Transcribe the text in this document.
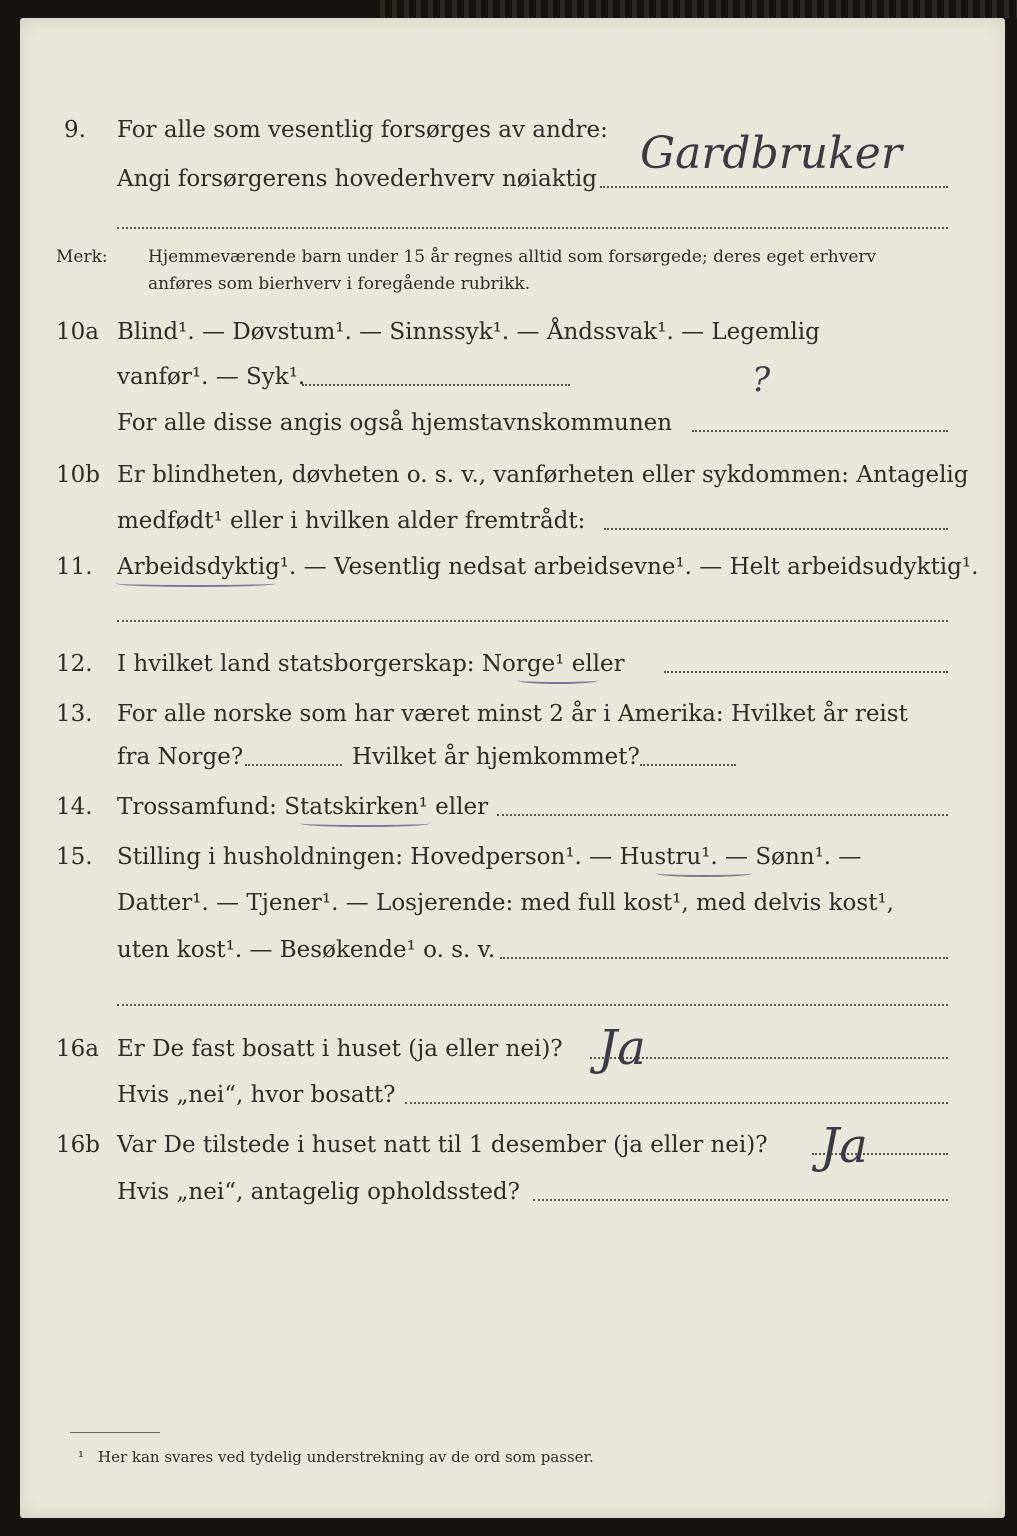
9. For alle som vesentlig forsørges av andre:
Angi forsørgerens hovederhverv nøiaktig Gardbruker
Merk: Hjemmeværende barn under 15 år regnes alltid som forsørgede; deres eget erhverv
anføres som bierhverv i foregående rubrikk.
10a Blind¹. — Døvstum¹. — Sinnssyk¹. — Åndssvak¹. — Legemlig
vanfør¹. — Syk¹.	?
For alle disse angis også hjemstavnskommunen
10b Er blindheten, døvheten o. s. v., vanførheten eller sykdommen: Antagelig
medfødt¹ eller i hvilken alder fremtrådt:
11. Arbeidsdyktig¹. — Vesentlig nedsat arbeidsevne¹. — Helt arbeidsudyktig¹.
12. I hvilket land statsborgerskap: Norge¹ eller
13. For alle norske som har været minst 2 år i Amerika: Hvilket år reist
fra Norge?	Hvilket år hjemkommet?
14. Trossamfund: Statskirken¹ eller
15. Stilling i husholdningen: Hovedperson¹. — Hustru¹. — Sønn¹. —
Datter¹. — Tjener¹. — Losjerende: med full kost¹, med delvis kost¹,
uten kost¹. — Besøkende¹ o. s. v.
16a Er De fast bosatt i huset (ja eller nei)? Ja
Hvis „nei“, hvor bosatt?
16b Var De tilstede i huset natt til 1 desember (ja eller nei)? Ja
Hvis „nei“, antagelig opholdssted?
¹ Her kan svares ved tydelig understrekning av de ord som passer.
